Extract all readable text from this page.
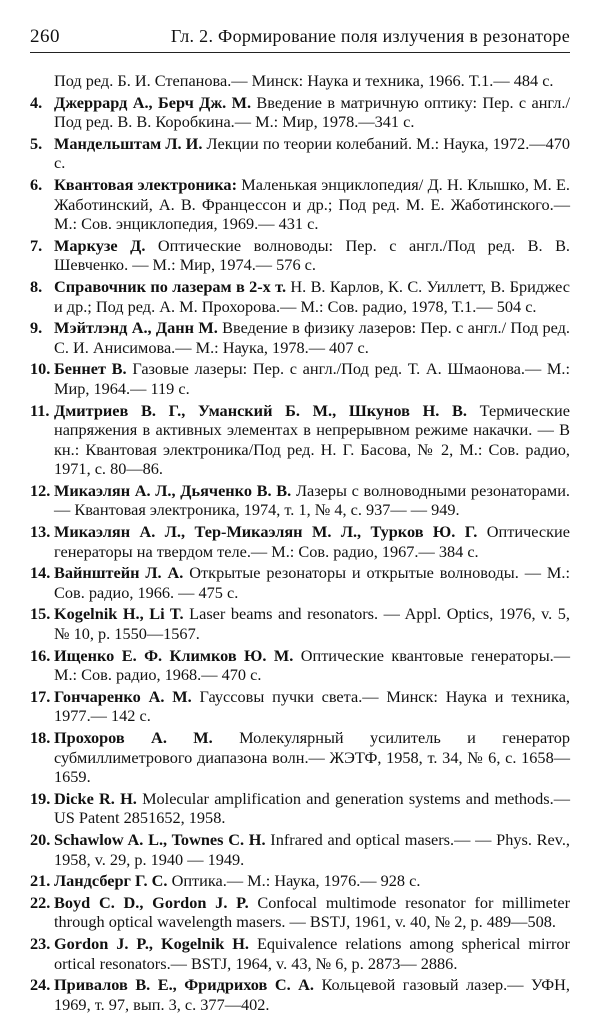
260	Гл. 2. Формирование поля излучения в резонаторе
Под ред. Б. И. Степанова.— Минск: Наука и техника, 1966. Т.1.— 484 с.
4. Джеррард А., Берч Дж. М. Введение в матричную оптику: Пер. с англ./Под ред. В. В. Коробкина.— М.: Мир, 1978.—341 с.
5. Мандельштам Л. И. Лекции по теории колебаний. М.: Наука, 1972.—470 с.
6. Квантовая электроника: Маленькая энциклопедия/ Д. Н. Клышко, М. Е. Жаботинский, А. В. Францессон и др.; Под ред. М. Е. Жаботинского.— М.: Сов. энциклопедия, 1969.— 431 с.
7. Маркузе Д. Оптические волноводы: Пер. с англ./Под ред. В. В. Шевченко. — М.: Мир, 1974.— 576 с.
8. Справочник по лазерам в 2-х т. Н. В. Карлов, К. С. Уиллетт, В. Бриджес и др.; Под ред. А. М. Прохорова.— М.: Сов. радио, 1978, Т.1.— 504 с.
9. Мэйтлэнд А., Данн М. Введение в физику лазеров: Пер. с англ./ Под ред. С. И. Анисимова.— М.: Наука, 1978.— 407 с.
10. Беннет В. Газовые лазеры: Пер. с англ./Под ред. Т. А. Шмаонова.— М.: Мир, 1964.— 119 с.
11. Дмитриев В. Г., Уманский Б. М., Шкунов Н. В. Термические напряжения в активных элементах в непрерывном режиме накачки. — В кн.: Квантовая электроника/Под ред. Н. Г. Басова, № 2, М.: Сов. радио, 1971, с. 80—86.
12. Микаэлян А. Л., Дьяченко В. В. Лазеры с волноводными резонаторами.— Квантовая электроника, 1974, т. 1, № 4, с. 937— — 949.
13. Микаэлян А. Л., Тер-Микаэлян М. Л., Турков Ю. Г. Оптические генераторы на твердом теле.— М.: Сов. радио, 1967.— 384 с.
14. Вайнштейн Л. А. Открытые резонаторы и открытые волноводы. — М.: Сов. радио, 1966. — 475 с.
15. Kogelnik H., Li T. Laser beams and resonators. — Appl. Optics, 1976, v. 5, № 10, p. 1550—1567.
16. Ищенко Е. Ф. Климков Ю. М. Оптические квантовые генераторы.— М.: Сов. радио, 1968.— 470 с.
17. Гончаренко А. М. Гауссовы пучки света.— Минск: Наука и техника, 1977.— 142 с.
18. Прохоров А. М. Молекулярный усилитель и генератор субмиллиметрового диапазона волн.— ЖЭТФ, 1958, т. 34, № 6, с. 1658— 1659.
19. Dicke R. H. Molecular amplification and generation systems and methods.— US Patent 2851652, 1958.
20. Schawlow A. L., Townes C. H. Infrared and optical masers.— — Phys. Rev., 1958, v. 29, p. 1940 — 1949.
21. Ландсберг Г. С. Оптика.— М.: Наука, 1976.— 928 с.
22. Boyd C. D., Gordon J. P. Confocal multimode resonator for millimeter through optical wavelength masers. — BSTJ, 1961, v. 40, № 2, p. 489—508.
23. Gordon J. P., Kogelnik H. Equivalence relations among spherical mirror ortical resonators.— BSTJ, 1964, v. 43, № 6, p. 2873— 2886.
24. Привалов В. Е., Фридрихов С. А. Кольцевой газовый лазер.— УФН, 1969, т. 97, вып. 3, с. 377—402.
